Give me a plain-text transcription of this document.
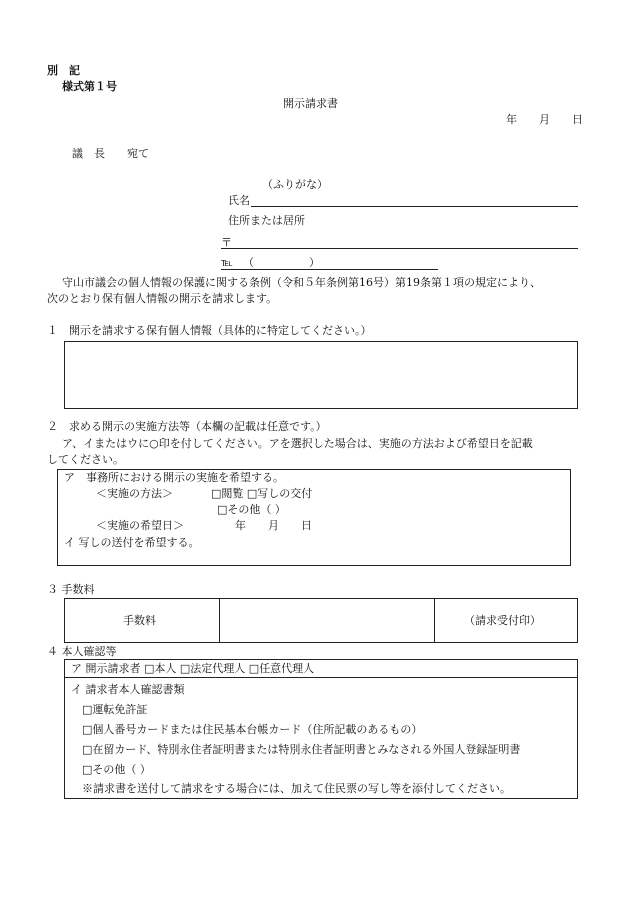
別　記
様式第１号
開示請求書
年　　月　　日
議　長　　宛て
（ふりがな）
氏名
住所または居所
〒
℡ （　　　　　）
守山市議会の個人情報の保護に関する条例（令和５年条例第16号）第19条第１項の規定により、
次のとおり保有個人情報の開示を請求します。
１　開示を請求する保有個人情報（具体的に特定してください。）
２　求める開示の実施方法等（本欄の記載は任意です。）
ア、イまたはウに○印を付してください。アを選択した場合は、実施の方法および希望日を記載
してください。
ア　事務所における開示の実施を希望する。
＜実施の方法＞	□閲覧 □写しの交付
□その他（ ）
＜実施の希望日＞	年　　月　　日
イ 写しの送付を希望する。
３ 手数料
手数料	（請求受付印）
４ 本人確認等
ア 開示請求者 □本人 □法定代理人 □任意代理人
イ 請求者本人確認書類
□運転免許証
□個人番号カードまたは住民基本台帳カード（住所記載のあるもの）
□在留カード、特別永住者証明書または特別永住者証明書とみなされる外国人登録証明書
□その他（ ）
※請求書を送付して請求をする場合には、加えて住民票の写し等を添付してください。
